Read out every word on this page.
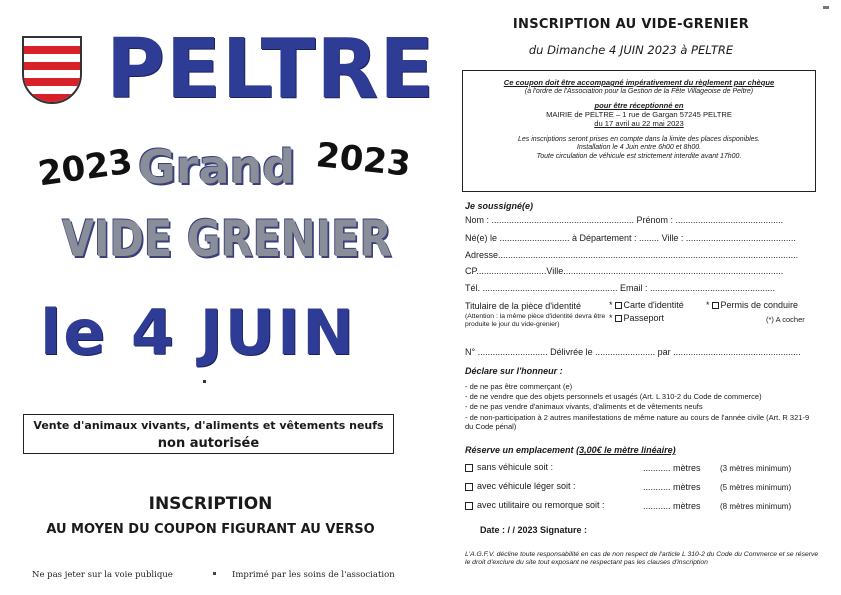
PELTRE
2023 Grand 2023
VIDE GRENIER
le 4 JUIN
Vente d'animaux vivants, d'aliments et vêtements neufs
non autorisée
INSCRIPTION
AU MOYEN DU COUPON FIGURANT AU VERSO
Ne pas jeter sur la voie publique	Imprimé par les soins de l'association
INSCRIPTION AU VIDE-GRENIER
du Dimanche 4 JUIN 2023 à PELTRE

Ce coupon doit être accompagné impérativement du règlement par chèque

(à l'ordre de l'Association pour la Gestion de la Fête Villageoise de Peltre)

pour être réceptionné en

MAIRIE de PELTRE – 1 rue de Gargan 57245 PELTRE

du 17 avril au 22 mai 2023

Les inscriptions seront prises en compte dans la limite des places disponibles.

Installation le 4 Juin entre 6h00 et 8h00.

Toute circulation de véhicule est strictement interdite avant 17h00.

Je soussigné(e)
Nom : ......................................................... Prénom : ...........................................
Né(e) le ............................ à Département : ........ Ville : ............................................
Adresse........................................................................................................................
CP............................Ville........................................................................................
Tél. ...................................................... Email : ..................................................
Titulaire de la pièce d'identité	* Carte d'identité * Permis de conduire
(Attention : la même pièce d'identité devra être produite le jour du vide-grenier)
* Passeport	(*) A cocher
N° ............................ Délivrée le ........................ par ...................................................
Déclare sur l'honneur :
- de ne pas être commerçant (e)
- de ne vendre que des objets personnels et usagés (Art. L 310-2 du Code de commerce)
- de ne pas vendre d'animaux vivants, d'aliments et de vêtements neufs
- de non-participation à 2 autres manifestations de même nature au cours de l'année civile (Art. R 321-9 du Code pénal)
Réserve un emplacement (3,00€ le mètre linéaire)
sans véhicule soit :	........... mètres (3 mètres minimum)
avec véhicule léger soit :	........... mètres (5 mètres minimum)
avec utilitaire ou remorque soit :	........... mètres (8 mètres minimum)
Date : / / 2023 Signature :
L'A.G.F.V. décline toute responsabilité en cas de non respect de l'article L 310-2 du Code du Commerce et se réserve le droit d'exclure du site tout exposant ne respectant pas les clauses d'inscription
